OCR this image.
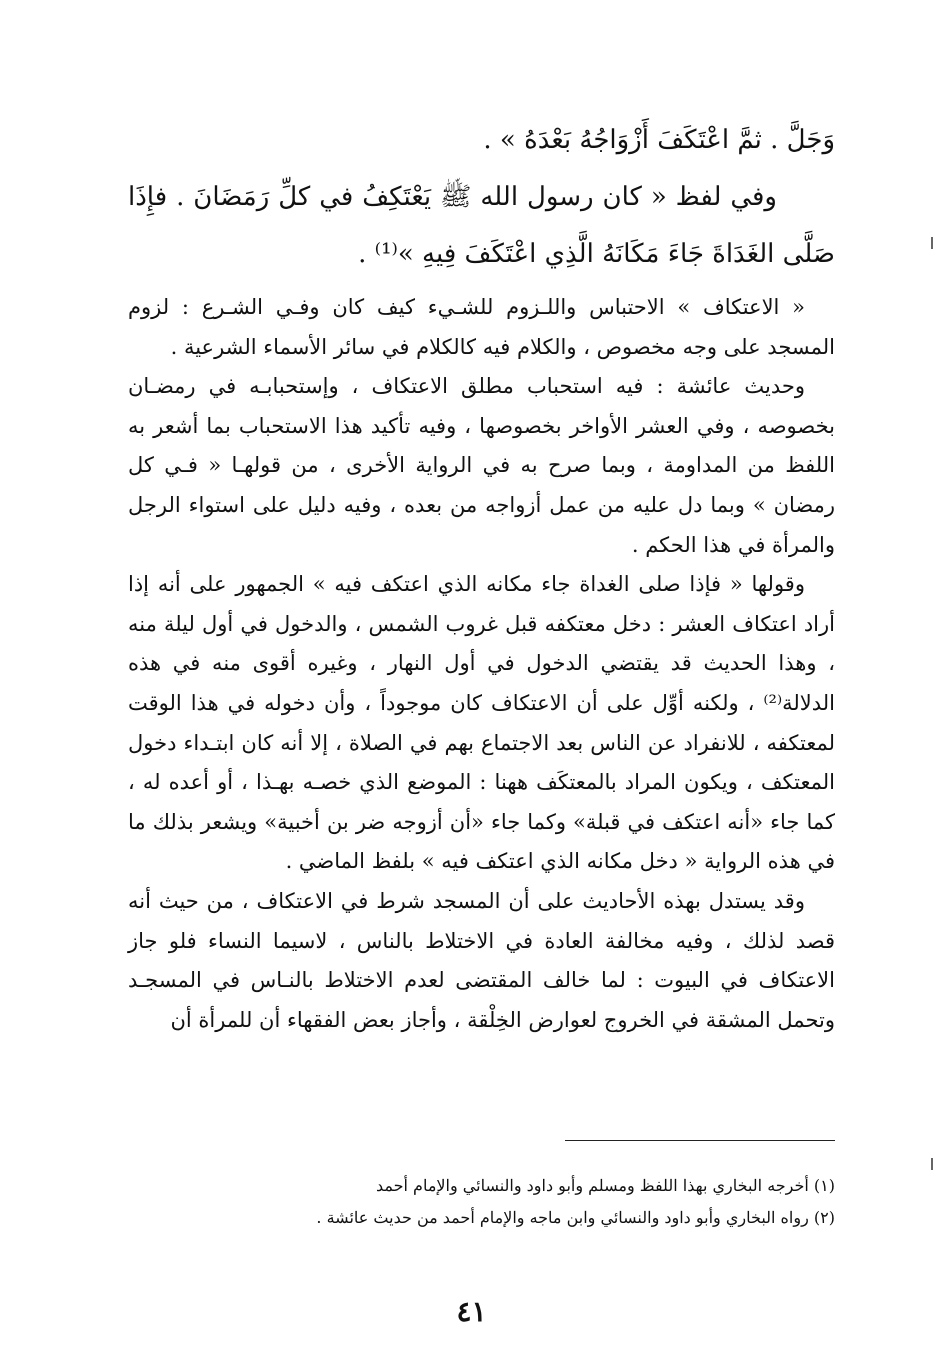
وَجَلَّ . ثمَّ اعْتَكَفَ أَزْوَاجُهُ بَعْدَهُ » .

وفي لفظ « كان رسول الله ﷺ يَعْتَكِفُ في كلِّ رَمَضَانَ . فإِذَا صَلَّى الغَدَاةَ جَاءَ مَكَانَهُ الَّذِي اعْتَكَفَ فِيهِ »⁽¹⁾ .

« الاعتكاف » الاحتباس واللـزوم للشـيء كيف كان وفـي الشـرع : لزوم المسجد على وجه مخصوص ، والكلام فيه كالكلام في سائر الأسماء الشرعية .

وحديث عائشة : فيه استحباب مطلق الاعتكاف ، وإستحبابـه في رمضـان بخصوصه ، وفي العشر الأواخر بخصوصها ، وفيه تأكيد هذا الاستحباب بما أشعر به اللفظ من المداومة ، وبما صرح به في الرواية الأخرى ، من قولهـا « فـي كل رمضان » وبما دل عليه من عمل أزواجه من بعده ، وفيه دليل على استواء الرجل والمرأة في هذا الحكم .

وقولها « فإذا صلى الغداة جاء مكانه الذي اعتكف فيه » الجمهور على أنه إذا أراد اعتكاف العشر : دخل معتكفه قبل غروب الشمس ، والدخول في أول ليلة منه ، وهذا الحديث قد يقتضي الدخول في أول النهار ، وغيره أقوى منه في هذه الدلالة⁽²⁾ ، ولكنه أوِّل على أن الاعتكاف كان موجوداً ، وأن دخوله في هذا الوقت لمعتكفه ، للانفراد عن الناس بعد الاجتماع بهم في الصلاة ، إلا أنه كان ابتـداء دخول المعتكف ، ويكون المراد بالمعتكَف ههنا : الموضع الذي خصـه بهـذا ، أو أعده له ، كما جاء «أنه اعتكف في قبلة» وكما جاء «أن أزوجه ضر بن أخبية» ويشعر بذلك ما في هذه الرواية « دخل مكانه الذي اعتكف فيه » بلفظ الماضي .

وقد يستدل بهذه الأحاديث على أن المسجد شرط في الاعتكاف ، من حيث أنه قصد لذلك ، وفيه مخالفة العادة في الاختلاط بالناس ، لاسيما النساء فلو جاز الاعتكاف في البيوت : لما خالف المقتضى لعدم الاختلاط بالنـاس في المسجـد وتحمل المشقة في الخروج لعوارض الخِلْقة ، وأجاز بعض الفقهاء أن للمرأة أن

(١) أخرجه البخاري بهذا اللفظ ومسلم وأبو داود والنسائي والإمام أحمد

(٢) رواه البخاري وأبو داود والنسائي وابن ماجه والإمام أحمد من حديث عائشة .

٤١
